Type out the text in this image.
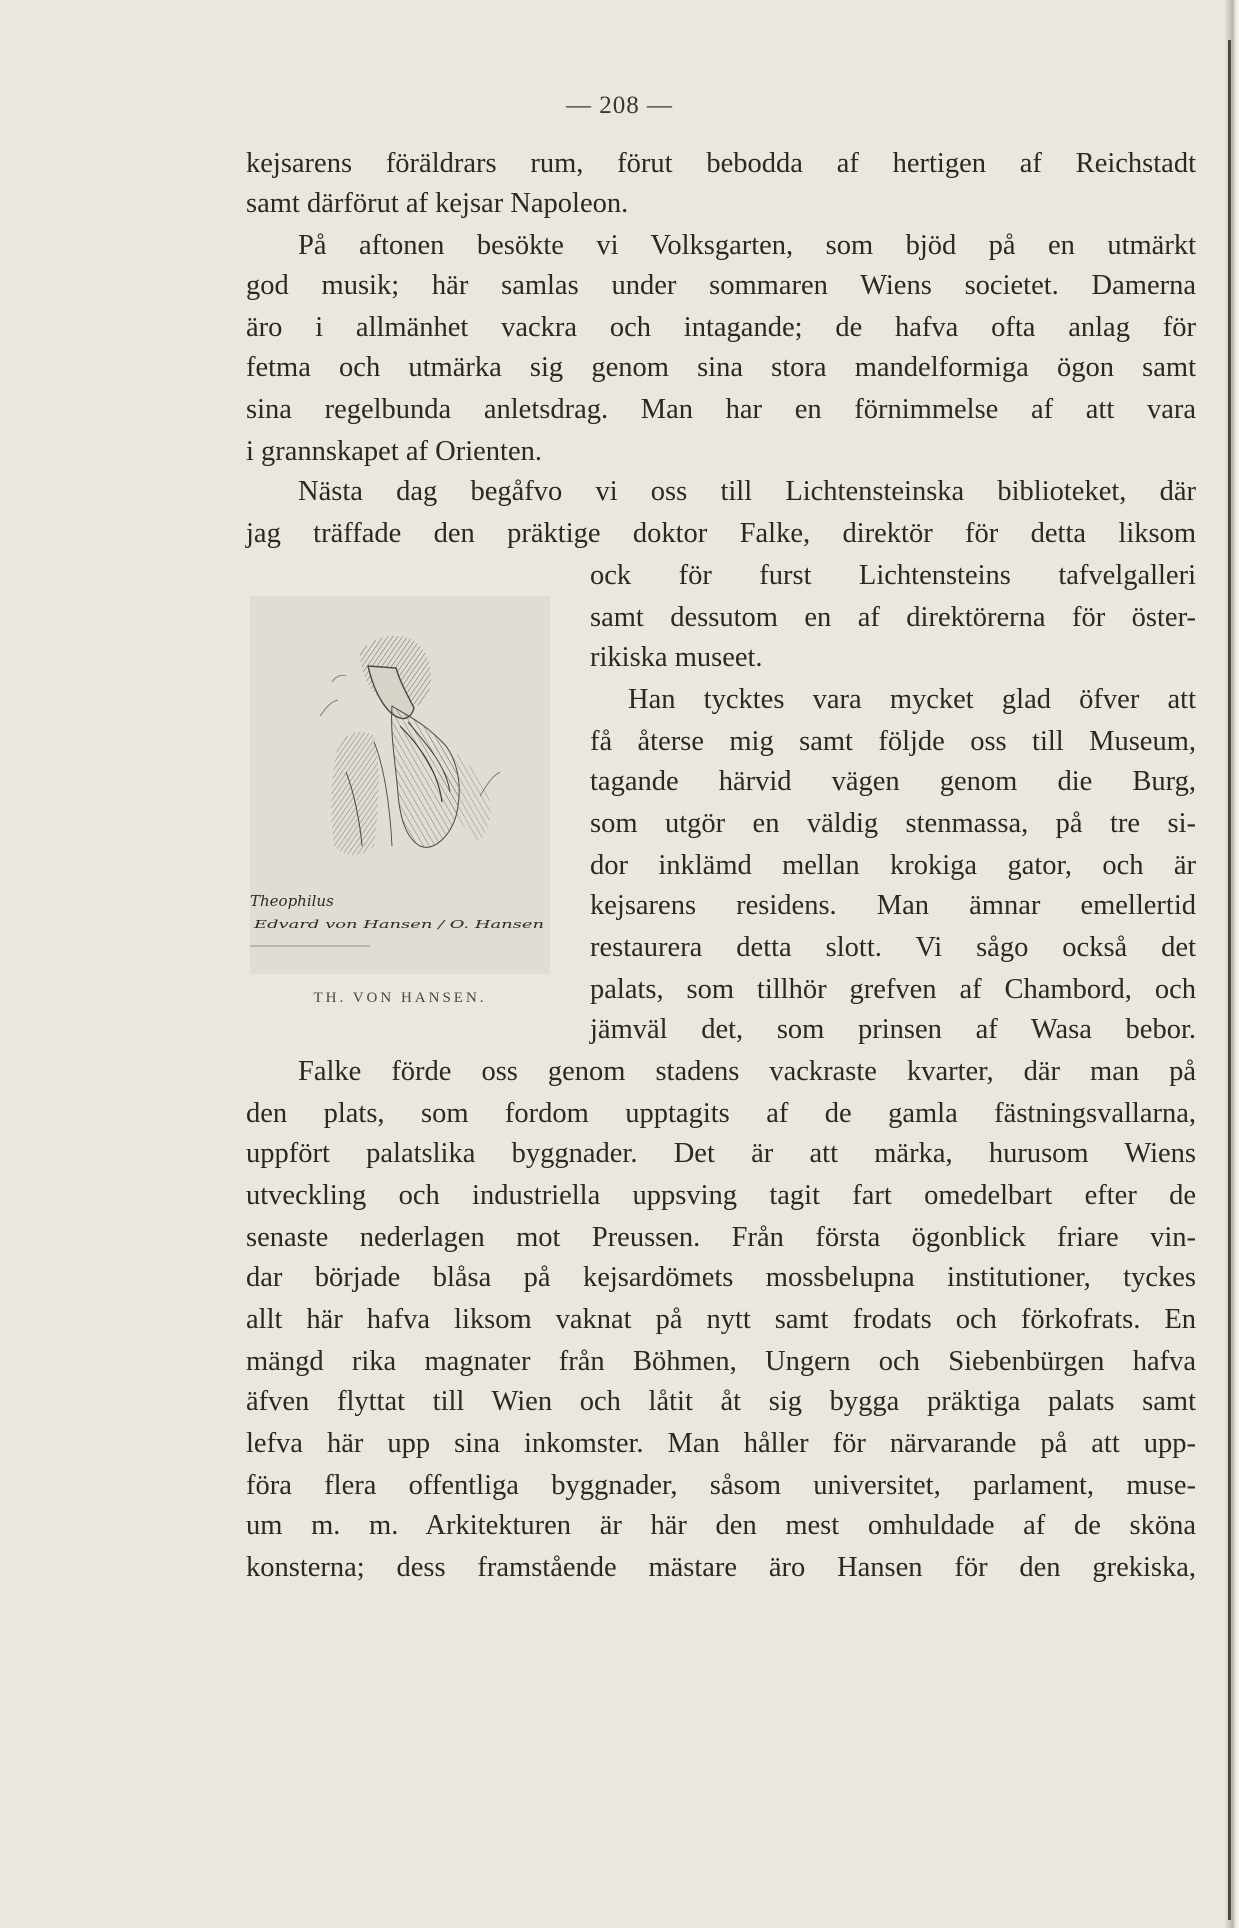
— 208 —
Theophilus
Edvard von Hansen / O. Hansen
TH. VON HANSEN.
kejsarens föräldrars rum, förut bebodda af hertigen af Reichstadt
samt därförut af kejsar Napoleon.
På aftonen besökte vi Volksgarten, som bjöd på en utmärkt
god musik; här samlas under sommaren Wiens societet. Damerna
äro i allmänhet vackra och intagande; de hafva ofta anlag för
fetma och utmärka sig genom sina stora mandelformiga ögon samt
sina regelbunda anletsdrag. Man har en förnimmelse af att vara
i grannskapet af Orienten.
Nästa dag begåfvo vi oss till Lichtensteinska biblioteket, där
jag träffade den präktige doktor Falke, direktör för detta liksom
ock för furst Lichtensteins tafvelgalleri
samt dessutom en af direktörerna för öster-
rikiska museet.
Han tycktes vara mycket glad öfver att
få återse mig samt följde oss till Museum,
tagande härvid vägen genom die Burg,
som utgör en väldig stenmassa, på tre si-
dor inklämd mellan krokiga gator, och är
kejsarens residens. Man ämnar emellertid
restaurera detta slott. Vi sågo också det
palats, som tillhör grefven af Chambord, och
jämväl det, som prinsen af Wasa bebor.
Falke förde oss genom stadens vackraste kvarter, där man på
den plats, som fordom upptagits af de gamla fästningsvallarna,
uppfört palatslika byggnader. Det är att märka, hurusom Wiens
utveckling och industriella uppsving tagit fart omedelbart efter de
senaste nederlagen mot Preussen. Från första ögonblick friare vin-
dar började blåsa på kejsardömets mossbelupna institutioner, tyckes
allt här hafva liksom vaknat på nytt samt frodats och förkofrats. En
mängd rika magnater från Böhmen, Ungern och Siebenbürgen hafva
äfven flyttat till Wien och låtit åt sig bygga präktiga palats samt
lefva här upp sina inkomster. Man håller för närvarande på att upp-
föra flera offentliga byggnader, såsom universitet, parlament, muse-
um m. m. Arkitekturen är här den mest omhuldade af de sköna
konsterna; dess framstående mästare äro Hansen för den grekiska,
